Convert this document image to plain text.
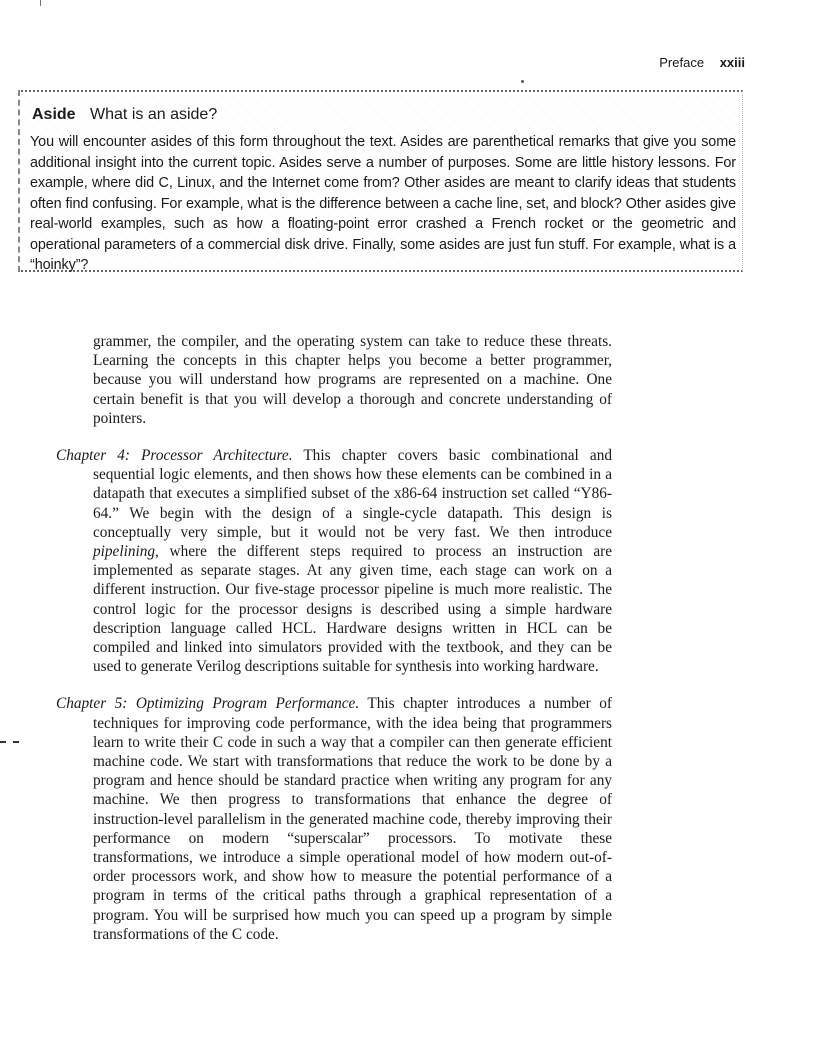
Preface xxiii
Aside What is an aside?
You will encounter asides of this form throughout the text. Asides are parenthetical remarks that give you some additional insight into the current topic. Asides serve a number of purposes. Some are little history lessons. For example, where did C, Linux, and the Internet come from? Other asides are meant to clarify ideas that students often find confusing. For example, what is the difference between a cache line, set, and block? Other asides give real-world examples, such as how a floating-point error crashed a French rocket or the geometric and operational parameters of a commercial disk drive. Finally, some asides are just fun stuff. For example, what is a “hoinky”?

grammer, the compiler, and the operating system can take to reduce these threats. Learning the concepts in this chapter helps you become a better programmer, because you will understand how programs are represented on a machine. One certain benefit is that you will develop a thorough and concrete understanding of pointers.

Chapter 4: Processor Architecture. This chapter covers basic combinational and sequential logic elements, and then shows how these elements can be combined in a datapath that executes a simplified subset of the x86-64 instruction set called “Y86-64.” We begin with the design of a single-cycle datapath. This design is conceptually very simple, but it would not be very fast. We then introduce pipelining, where the different steps required to process an instruction are implemented as separate stages. At any given time, each stage can work on a different instruction. Our five-stage processor pipeline is much more realistic. The control logic for the processor designs is described using a simple hardware description language called HCL. Hardware designs written in HCL can be compiled and linked into simulators provided with the textbook, and they can be used to generate Verilog descriptions suitable for synthesis into working hardware.

Chapter 5: Optimizing Program Performance. This chapter introduces a number of techniques for improving code performance, with the idea being that programmers learn to write their C code in such a way that a compiler can then generate efficient machine code. We start with transformations that reduce the work to be done by a program and hence should be standard practice when writing any program for any machine. We then progress to transformations that enhance the degree of instruction-level parallelism in the generated machine code, thereby improving their performance on modern “superscalar” processors. To motivate these transformations, we introduce a simple operational model of how modern out-of-order processors work, and show how to measure the potential performance of a program in terms of the critical paths through a graphical representation of a program. You will be surprised how much you can speed up a program by simple transformations of the C code.
